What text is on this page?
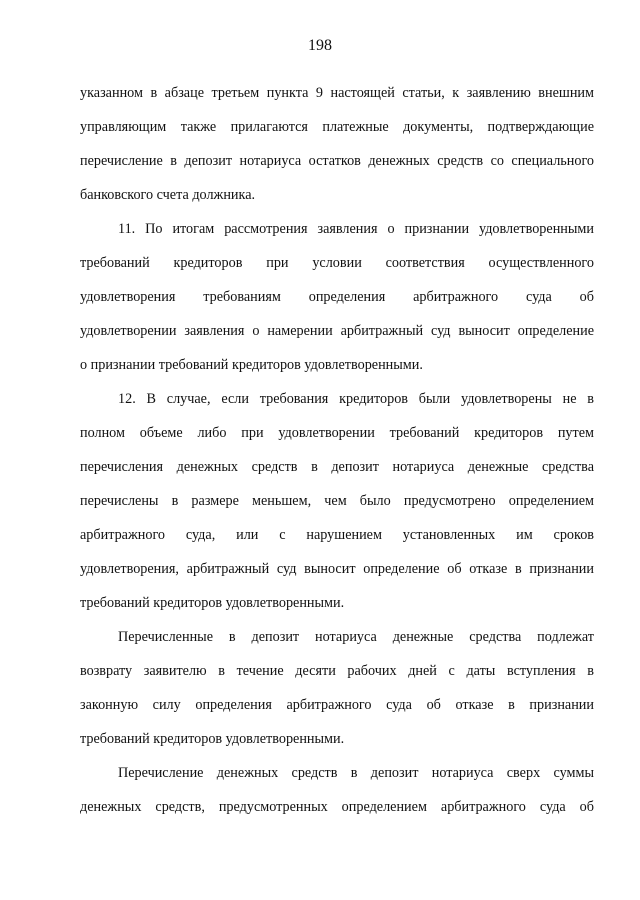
198
указанном в абзаце третьем пункта 9 настоящей статьи, к заявлению внешним
управляющим также прилагаются платежные документы, подтверждающие
перечисление в депозит нотариуса остатков денежных средств со специального
банковского счета должника.
11. По итогам рассмотрения заявления о признании удовлетворенными
требований кредиторов при условии соответствия осуществленного
удовлетворения требованиям определения арбитражного суда об
удовлетворении заявления о намерении арбитражный суд выносит определение
о признании требований кредиторов удовлетворенными.
12. В случае, если требования кредиторов были удовлетворены не в
полном объеме либо при удовлетворении требований кредиторов путем
перечисления денежных средств в депозит нотариуса денежные средства
перечислены в размере меньшем, чем было предусмотрено определением
арбитражного суда, или с нарушением установленных им сроков
удовлетворения, арбитражный суд выносит определение об отказе в признании
требований кредиторов удовлетворенными.
Перечисленные в депозит нотариуса денежные средства подлежат
возврату заявителю в течение десяти рабочих дней с даты вступления в
законную силу определения арбитражного суда об отказе в признании
требований кредиторов удовлетворенными.
Перечисление денежных средств в депозит нотариуса сверх суммы
денежных средств, предусмотренных определением арбитражного суда об
